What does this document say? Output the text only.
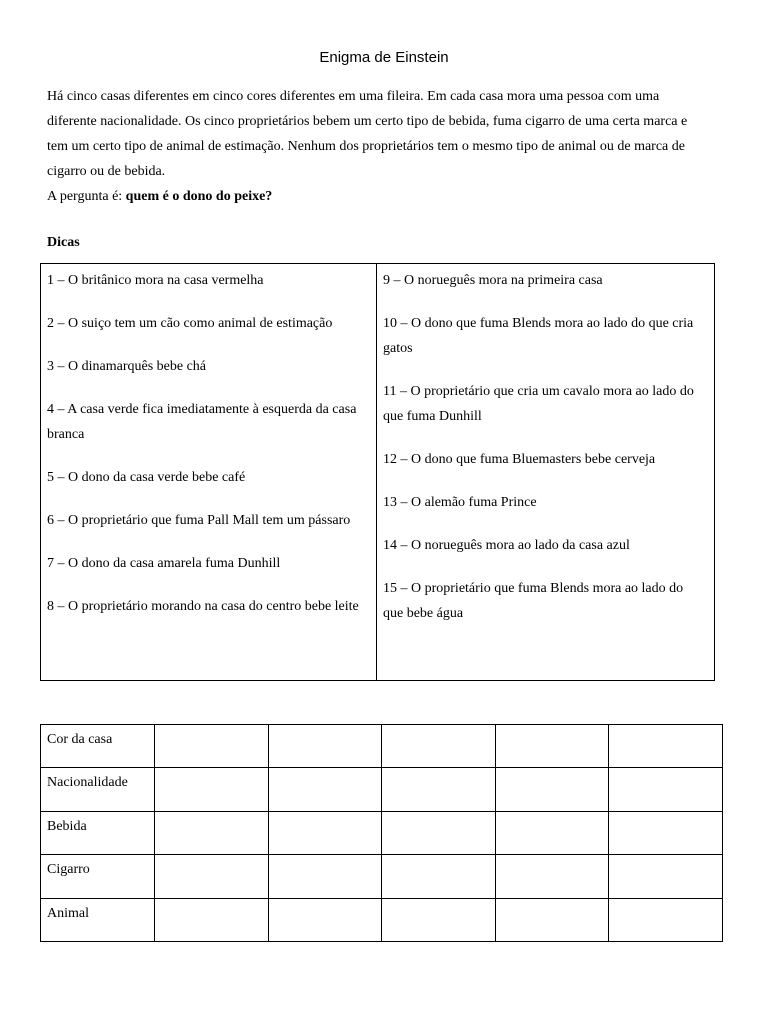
Enigma de Einstein

Há cinco casas diferentes em cinco cores diferentes em uma fileira. Em cada casa mora uma pessoa com uma diferente nacionalidade. Os cinco proprietários bebem um certo tipo de bebida, fuma cigarro de uma certa marca e tem um certo tipo de animal de estimação. Nenhum dos proprietários tem o mesmo tipo de animal ou de marca de cigarro ou de bebida.

A pergunta é: quem é o dono do peixe?

Dicas

1 – O britânico mora na casa vermelha

2 – O suiço tem um cão como animal de estimação

3 – O dinamarquês bebe chá

4 – A casa verde fica imediatamente à esquerda da casa branca

5 – O dono da casa verde bebe café

6 – O proprietário que fuma Pall Mall tem um pássaro

7 – O dono da casa amarela fuma Dunhill

8 – O proprietário morando na casa do centro bebe leite

9 – O norueguês mora na primeira casa

10 – O dono que fuma Blends mora ao lado do que cria gatos

11 – O proprietário que cria um cavalo mora ao lado do que fuma Dunhill

12 – O dono que fuma Bluemasters bebe cerveja

13 – O alemão fuma Prince

14 – O norueguês mora ao lado da casa azul

15 – O proprietário que fuma Blends mora ao lado do que bebe água

Cor da casa					
Nacionalidade					
Bebida					
Cigarro					
Animal					
